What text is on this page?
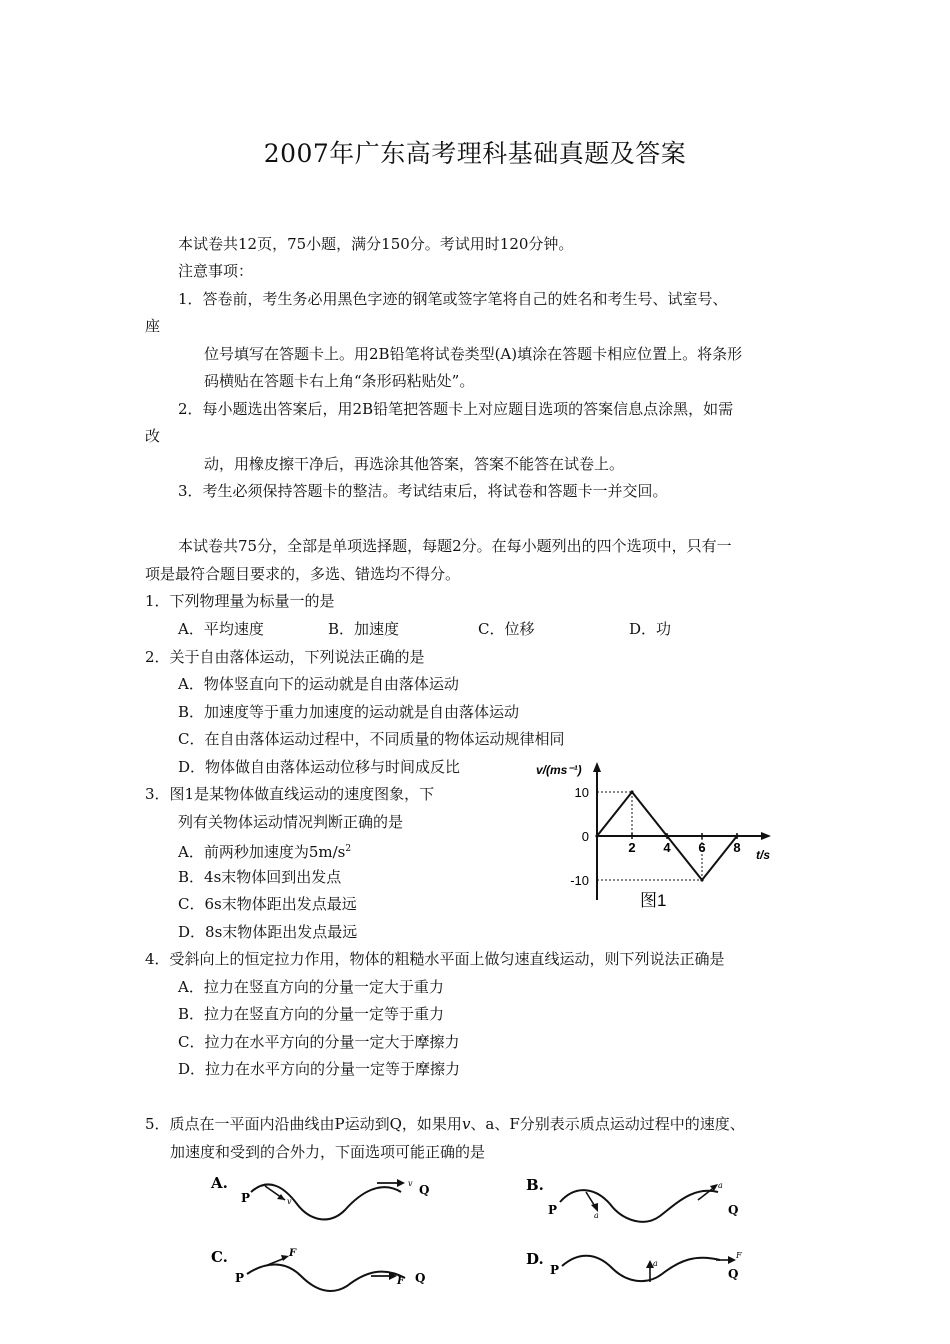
2007年广东高考理科基础真题及答案
本试卷共12页，75小题，满分150分。考试用时120分钟。
注意事项：
1．答卷前，考生务必用黑色字迹的钢笔或签字笔将自己的姓名和考生号、试室号、
座
位号填写在答题卡上。用2B铅笔将试卷类型(A)填涂在答题卡相应位置上。将条形
码横贴在答题卡右上角“条形码粘贴处”。
2．每小题选出答案后，用2B铅笔把答题卡上对应题目选项的答案信息点涂黑，如需
改
动，用橡皮擦干净后，再选涂其他答案，答案不能答在试卷上。
3．考生必须保持答题卡的整洁。考试结束后，将试卷和答题卡一并交回。
本试卷共75分，全部是单项选择题，每题2分。在每小题列出的四个选项中，只有一
项是最符合题目要求的，多选、错选均不得分。
1．下列物理量为标量一的是
A．平均速度	B．加速度	C．位移	D．功
2．关于自由落体运动，下列说法正确的是
A．物体竖直向下的运动就是自由落体运动
B．加速度等于重力加速度的运动就是自由落体运动
C．在自由落体运动过程中，不同质量的物体运动规律相同
D．物体做自由落体运动位移与时间成反比
3．图1是某物体做直线运动的速度图象，下
列有关物体运动情况判断正确的是
A．前两秒加速度为$5m/s^2$
B．4s末物体回到出发点
C．6s末物体距出发点最远
D．8s末物体距出发点最远
v/(ms⁻¹)
t/s
10
0
-10
2 4 6 8
图1
4．受斜向上的恒定拉力作用，物体的粗糙水平面上做匀速直线运动，则下列说法正确是
A．拉力在竖直方向的分量一定大于重力
B．拉力在竖直方向的分量一定等于重力
C．拉力在水平方向的分量一定大于摩擦力
D．拉力在水平方向的分量一定等于摩擦力
5．质点在一平面内沿曲线由P运动到Q，如果用v、a、F分别表示质点运动过程中的速度、
加速度和受到的合外力，下面选项可能正确的是
A.
P	v
v Q	B.
P	a
a
Q
C.
P
F
F Q
D.
P	a
F
Q
